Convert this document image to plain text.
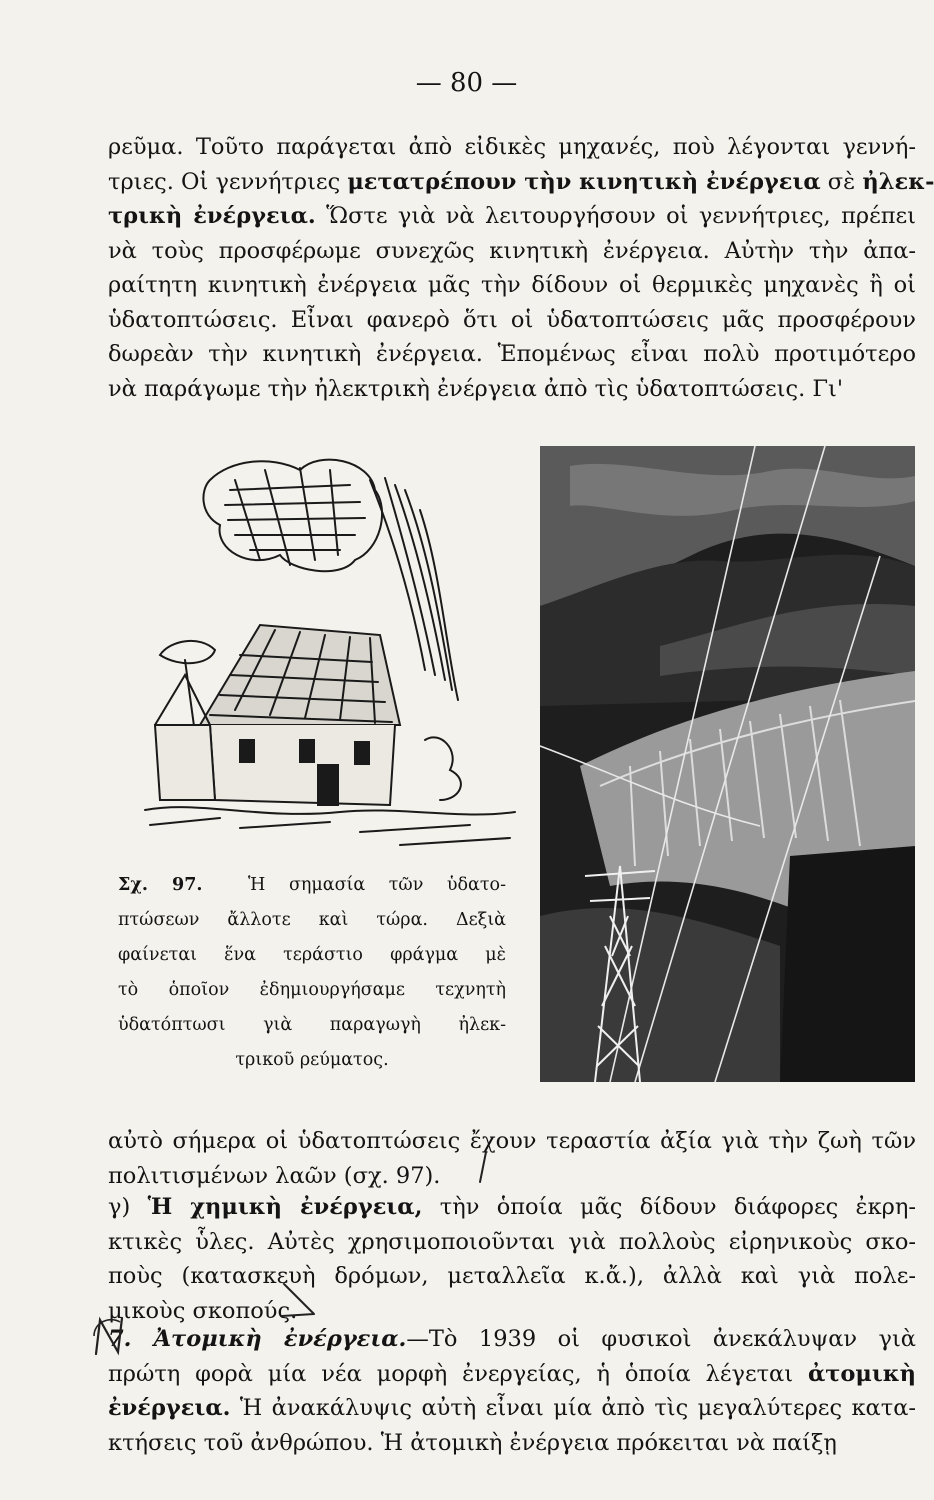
— 80 —

ρεῦμα. Τοῦτο παράγεται ἀπὸ εἰδικὲς μηχανές, ποὺ λέγονται γεννή-
τριες. Οἱ γεννήτριες μετατρέπουν τὴν κινητικὴ ἐνέργεια σὲ ἠλεκ-
τρικὴ ἐνέργεια. Ὥστε γιὰ νὰ λειτουργήσουν οἱ γεννήτριες, πρέπει
νὰ τοὺς προσφέρωμε συνεχῶς κινητικὴ ἐνέργεια. Αὐτὴν τὴν ἀπα-
ραίτητη κινητικὴ ἐνέργεια μᾶς τὴν δίδουν οἱ θερμικὲς μηχανὲς ἢ οἱ
ὑδατοπτώσεις. Εἶναι φανερὸ ὅτι οἱ ὑδατοπτώσεις μᾶς προσφέρουν
δωρεὰν τὴν κινητικὴ ἐνέργεια. Ἑπομένως εἶναι πολὺ προτιμότερο
νὰ παράγωμε τὴν ἠλεκτρικὴ ἐνέργεια ἀπὸ τὶς ὑδατοπτώσεις. Γι'

Σχ. 97.	Ἡ σημασία τῶν ὑδατο-
πτώσεων ἄλλοτε καὶ τώρα. Δεξιὰ
φαίνεται ἕνα τεράστιο φράγμα μὲ
τὸ ὁποῖον ἐδημιουργήσαμε τεχνητὴ
ὑδατόπτωσι γιὰ παραγωγὴ ἠλεκ-
τρικοῦ ρεύματος.

αὐτὸ σήμερα οἱ ὑδατοπτώσεις ἔχουν τεραστία ἀξία γιὰ τὴν ζωὴ τῶν
πολιτισμένων λαῶν (σχ. 97).

γ) Ἡ χημικὴ ἐνέργεια, τὴν ὁποία μᾶς δίδουν διάφορες ἐκρη-
κτικὲς ὗλες. Αὐτὲς χρησιμοποιοῦνται γιὰ πολλοὺς εἰρηνικοὺς σκο-
ποὺς (κατασκευὴ δρόμων, μεταλλεῖα κ.ἄ.), ἀλλὰ καὶ γιὰ πολε-
μικοὺς σκοπούς.

7. Ἀτομικὴ ἐνέργεια.—Τὸ 1939 οἱ φυσικοὶ ἀνεκάλυψαν γιὰ
πρώτη φορὰ μία νέα μορφὴ ἐνεργείας, ἡ ὁποία λέγεται ἀτομικὴ
ἐνέργεια. Ἡ ἀνακάλυψις αὐτὴ εἶναι μία ἀπὸ τὶς μεγαλύτερες κατα-
κτήσεις τοῦ ἀνθρώπου. Ἡ ἀτομικὴ ἐνέργεια πρόκειται νὰ παίξῃ
